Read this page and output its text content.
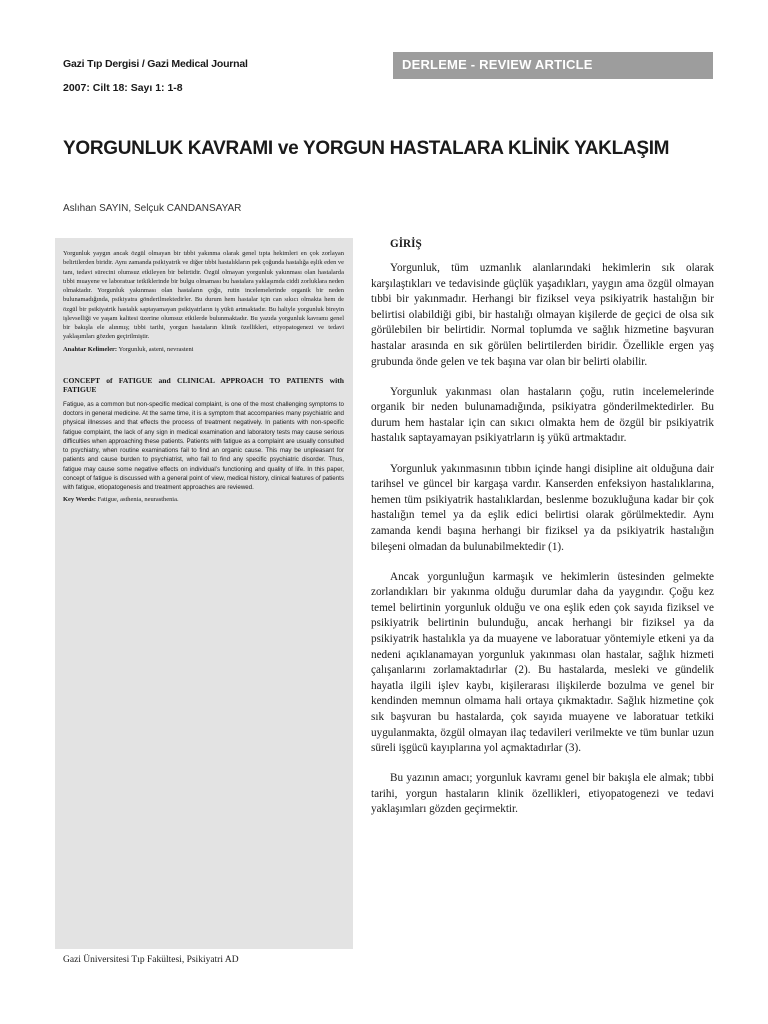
Gazi Tıp Dergisi / Gazi Medical Journal
2007: Cilt 18: Sayı 1: 1-8
DERLEME - REVIEW ARTICLE
YORGUNLUK KAVRAMI ve YORGUN HASTALARA KLİNİK YAKLAŞIM
Aslıhan SAYIN, Selçuk CANDANSAYAR

Yorgunluk yaygın ancak özgül olmayan bir tıbbi yakınma olarak genel tıpta hekimleri en çok zorlayan belirtilerden biridir. Aynı zamanda psikiyatrik ve diğer tıbbi hastalıkların pek çoğunda hastalığa eşlik eden ve tanı, tedavi sürecini olumsuz etkileyen bir belirtidir. Özgül olmayan yorgunluk yakınması olan hastalarda tıbbi muayene ve laboratuar tetkiklerinde bir bulgu olmaması bu hastalara yaklaşımda ciddi zorluklara neden olmaktadır. Yorgunluk yakınması olan hastaların çoğu, rutin incelemelerinde organik bir neden bulunamadığında, psikiyatra gönderilmektedirler. Bu durum hem hastalar için can sıkıcı olmakta hem de özgül bir psikiyatrik hastalık saptayamayan psikiyatrların iş yükü artmaktadır. Bu haliyle yorgunluk bireyin işlevselliği ve yaşam kalitesi üzerine olumsuz etkilerde bulunmaktadır. Bu yazıda yorgunluk kavramı genel bir bakışla ele alınmış; tıbbi tarihi, yorgun hastaların klinik özellikleri, etiyopatogenezi ve tedavi yaklaşımları gözden geçirilmiştir.

Anahtar Kelimeler: Yorgunluk, asteni, nevrasteni

CONCEPT of FATIGUE and CLINICAL APPROACH TO PATIENTS with FATIGUE

Fatigue, as a common but non-specific medical complaint, is one of the most challenging symptoms to doctors in general medicine. At the same time, it is a symptom that accompanies many psychiatric and physical illnesses and that effects the process of treatment negatively. In patients with non-specific fatigue complaint, the lack of any sign in medical examination and laboratory tests may cause serious difficulties when approaching these patients. Patients with fatigue as a complaint are usually consulted to psychiatry, when routine examinations fail to find an organic cause. This may be unpleasant for patients and cause burden to psychiatrist, who fail to find any specific psychiatric disorder. Thus, fatigue may cause some negative effects on individual’s functioning and quality of life. In this paper, concept of fatigue is discussed with a general point of view, medical history, clinical features of patients with fatigue, etiopatogenesis and treatment approaches are reviewed.

Key Words: Fatigue, asthenia, neurasthenia.

GİRİŞ

Yorgunluk, tüm uzmanlık alanlarındaki hekimlerin sık olarak karşılaştıkları ve tedavisinde güçlük yaşadıkları, yaygın ama özgül olmayan tıbbi bir yakınmadır. Herhangi bir fiziksel veya psikiyatrik hastalığın bir belirtisi olabildiği gibi, bir hastalığı olmayan kişilerde de geçici de olsa sık görülebilen bir belirtidir. Normal toplumda ve sağlık hizmetine başvuran hastalar arasında en sık görülen belirtilerden biridir. Özellikle ergen yaş grubunda önde gelen ve tek başına var olan bir belirti olabilir.

Yorgunluk yakınması olan hastaların çoğu, rutin incelemelerinde organik bir neden bulunamadığında, psikiyatra gönderilmektedirler. Bu durum hem hastalar için can sıkıcı olmakta hem de özgül bir psikiyatrik hastalık saptayamayan psikiyatrların iş yükü artmaktadır.

Yorgunluk yakınmasının tıbbın içinde hangi disipline ait olduğuna dair tarihsel ve güncel bir kargaşa vardır. Kanserden enfeksiyon hastalıklarına, hemen tüm psikiyatrik hastalıklardan, beslenme bozukluğuna kadar bir çok hastalığın temel ya da eşlik edici belirtisi olarak görülmektedir. Aynı zamanda kendi başına herhangi bir fiziksel ya da psikiyatrik hastalığın bileşeni olmadan da bulunabilmektedir (1).

Ancak yorgunluğun karmaşık ve hekimlerin üstesinden gelmekte zorlandıkları bir yakınma olduğu durumlar daha da yaygındır. Çoğu kez temel belirtinin yorgunluk olduğu ve ona eşlik eden çok sayıda fiziksel ve psikiyatrik belirtinin bulunduğu, ancak herhangi bir fiziksel ya da psikiyatrik hastalıkla ya da muayene ve laboratuar yöntemiyle etkeni ya da nedeni açıklanamayan yorgunluk yakınması olan hastalar, sağlık hizmeti çalışanlarını zorlamaktadırlar (2). Bu hastalarda, mesleki ve gündelik hayatla ilgili işlev kaybı, kişilerarası ilişkilerde bozulma ve genel bir kendinden memnun olmama hali ortaya çıkmaktadır. Sağlık hizmetine çok sık başvuran bu hastalarda, çok sayıda muayene ve laboratuar tetkiki uygulanmakta, özgül olmayan ilaç tedavileri verilmekte ve tüm bunlar uzun süreli işgücü kayıplarına yol açmaktadırlar (3).

Bu yazının amacı; yorgunluk kavramı genel bir bakışla ele almak; tıbbi tarihi, yorgun hastaların klinik özellikleri, etiyopatogenezi ve tedavi yaklaşımları gözden geçirmektir.

Gazi Üniversitesi Tıp Fakültesi, Psikiyatri AD
